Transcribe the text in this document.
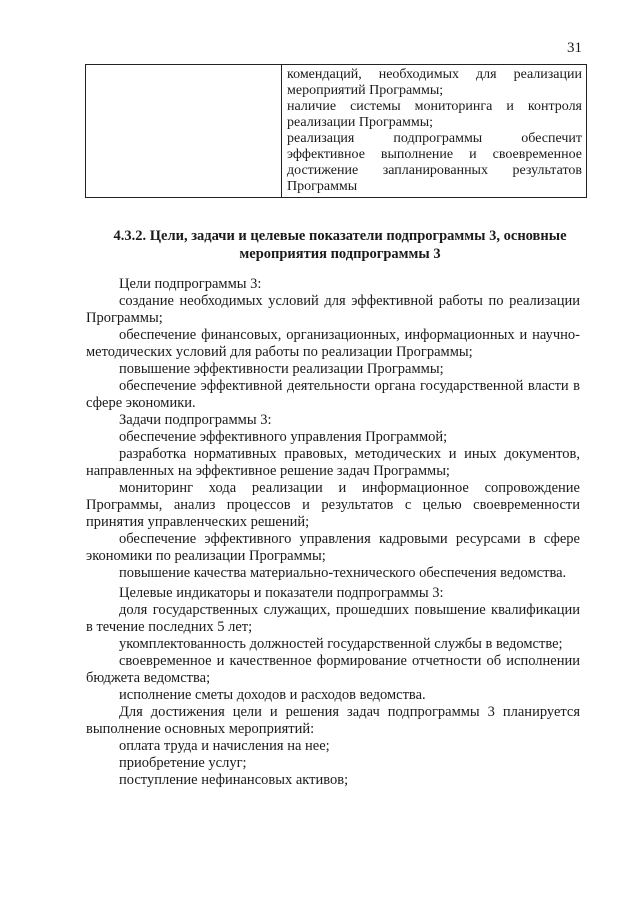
31

комендаций, необходимых для реализации мероприятий Программы;

наличие системы мониторинга и контроля реализации Программы;

реализация подпрограммы обеспечит эффективное выполнение и своевременное достижение запланированных результатов Программы

4.3.2. Цели, задачи и целевые показатели подпрограммы 3, основные
мероприятия подпрограммы 3

Цели подпрограммы 3:

создание необходимых условий для эффективной работы по реализации Программы;

обеспечение финансовых, организационных, информационных и научно-методических условий для работы по реализации Программы;

повышение эффективности реализации Программы;

обеспечение эффективной деятельности органа государственной власти в сфере экономики.

Задачи подпрограммы 3:

обеспечение эффективного управления Программой;

разработка нормативных правовых, методических и иных документов, направленных на эффективное решение задач Программы;

мониторинг хода реализации и информационное сопровождение Программы, анализ процессов и результатов с целью своевременности принятия управленческих решений;

обеспечение эффективного управления кадровыми ресурсами в сфере экономики по реализации Программы;

повышение качества материально-технического обеспечения ведомства.

Целевые индикаторы и показатели подпрограммы 3:

доля государственных служащих, прошедших повышение квалификации в течение последних 5 лет;

укомплектованность должностей государственной службы в ведомстве;

своевременное и качественное формирование отчетности об исполнении бюджета ведомства;

исполнение сметы доходов и расходов ведомства.

Для достижения цели и решения задач подпрограммы 3 планируется выполнение основных мероприятий:

оплата труда и начисления на нее;

приобретение услуг;

поступление нефинансовых активов;
